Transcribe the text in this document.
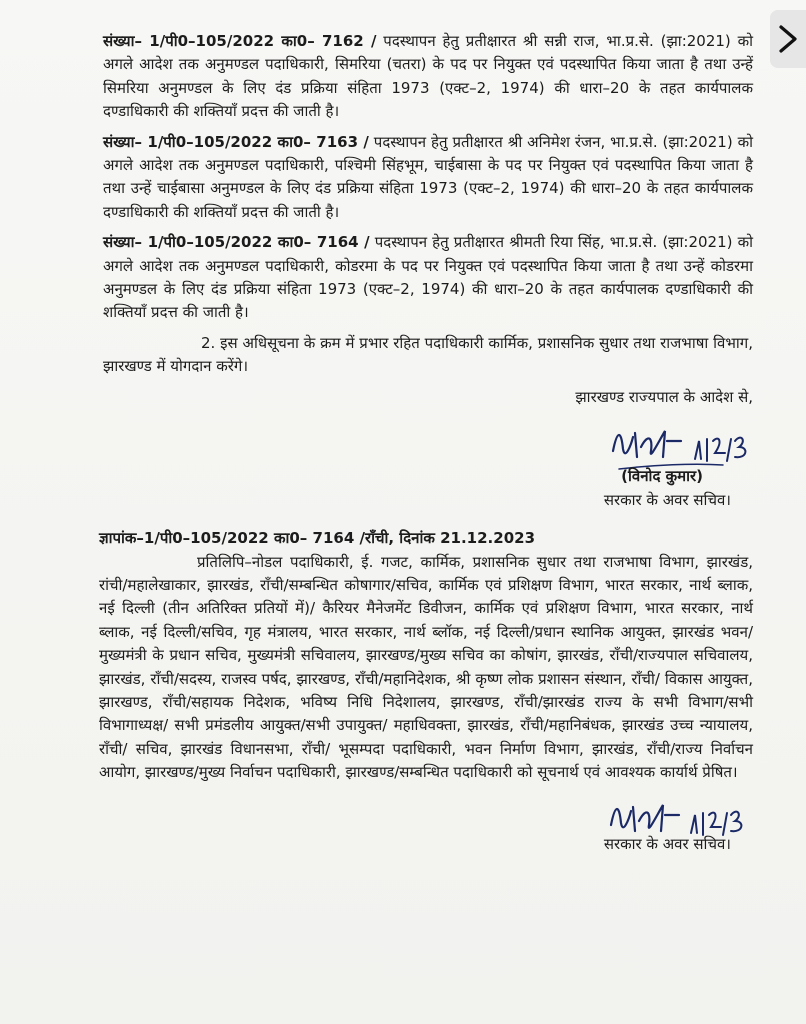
संख्या– 1/पी0–105/2022 का0– 7162 / पदस्थापन हेतु प्रतीक्षारत श्री सन्नी राज, भा.प्र.से. (झा:2021) को अगले आदेश तक अनुमण्डल पदाधिकारी, सिमरिया (चतरा) के पद पर नियुक्त एवं पदस्थापित किया जाता है तथा उन्हें सिमरिया अनुमण्डल के लिए दंड प्रक्रिया संहिता 1973 (एक्ट–2, 1974) की धारा–20 के तहत कार्यपालक दण्डाधिकारी की शक्तियाँ प्रदत्त की जाती है।

संख्या– 1/पी0–105/2022 का0– 7163 / पदस्थापन हेतु प्रतीक्षारत श्री अनिमेश रंजन, भा.प्र.से. (झा:2021) को अगले आदेश तक अनुमण्डल पदाधिकारी, पश्चिमी सिंहभूम, चाईबासा के पद पर नियुक्त एवं पदस्थापित किया जाता है तथा उन्हें चाईबासा अनुमण्डल के लिए दंड प्रक्रिया संहिता 1973 (एक्ट–2, 1974) की धारा–20 के तहत कार्यपालक दण्डाधिकारी की शक्तियाँ प्रदत्त की जाती है।

संख्या– 1/पी0–105/2022 का0– 7164 / पदस्थापन हेतु प्रतीक्षारत श्रीमती रिया सिंह, भा.प्र.से. (झा:2021) को अगले आदेश तक अनुमण्डल पदाधिकारी, कोडरमा के पद पर नियुक्त एवं पदस्थापित किया जाता है तथा उन्हें कोडरमा अनुमण्डल के लिए दंड प्रक्रिया संहिता 1973 (एक्ट–2, 1974) की धारा–20 के तहत कार्यपालक दण्डाधिकारी की शक्तियाँ प्रदत्त की जाती है।

2. इस अधिसूचना के क्रम में प्रभार रहित पदाधिकारी कार्मिक, प्रशासनिक सुधार तथा राजभाषा विभाग, झारखण्ड में योगदान करेंगे।

झारखण्ड राज्यपाल के आदेश से,

(विनोद कुमार)
सरकार के अवर सचिव।
ज्ञापांक–1/पी0–105/2022 का0– 7164 /राँची, दिनांक 21.12.2023

प्रतिलिपि–नोडल पदाधिकारी, ई. गजट, कार्मिक, प्रशासनिक सुधार तथा राजभाषा विभाग, झारखंड, रांची/महालेखाकार, झारखंड, राँची/सम्बन्धित कोषागार/सचिव, कार्मिक एवं प्रशिक्षण विभाग, भारत सरकार, नार्थ ब्लाक, नई दिल्ली (तीन अतिरिक्त प्रतियों में)/ कैरियर मैनेजमेंट डिवीजन, कार्मिक एवं प्रशिक्षण विभाग, भारत सरकार, नार्थ ब्लाक, नई दिल्ली/सचिव, गृह मंत्रालय, भारत सरकार, नार्थ ब्लॉक, नई दिल्ली/प्रधान स्थानिक आयुक्त, झारखंड भवन/मुख्यमंत्री के प्रधान सचिव, मुख्यमंत्री सचिवालय, झारखण्ड/मुख्य सचिव का कोषांग, झारखंड, राँची/राज्यपाल सचिवालय, झारखंड, राँची/सदस्य, राजस्व पर्षद, झारखण्ड, राँची/महानिदेशक, श्री कृष्ण लोक प्रशासन संस्थान, राँची/ विकास आयुक्त, झारखण्ड, राँची/सहायक निदेशक, भविष्य निधि निदेशालय, झारखण्ड, राँची/झारखंड राज्य के सभी विभाग/सभी विभागाध्यक्ष/ सभी प्रमंडलीय आयुक्त/सभी उपायुक्त/ महाधिवक्ता, झारखंड, राँची/महानिबंधक, झारखंड उच्च न्यायालय, राँची/ सचिव, झारखंड विधानसभा, राँची/ भूसम्पदा पदाधिकारी, भवन निर्माण विभाग, झारखंड, राँची/राज्य निर्वाचन आयोग, झारखण्ड/मुख्य निर्वाचन पदाधिकारी, झारखण्ड/सम्बन्धित पदाधिकारी को सूचनार्थ एवं आवश्यक कार्यार्थ प्रेषित।

सरकार के अवर सचिव।
